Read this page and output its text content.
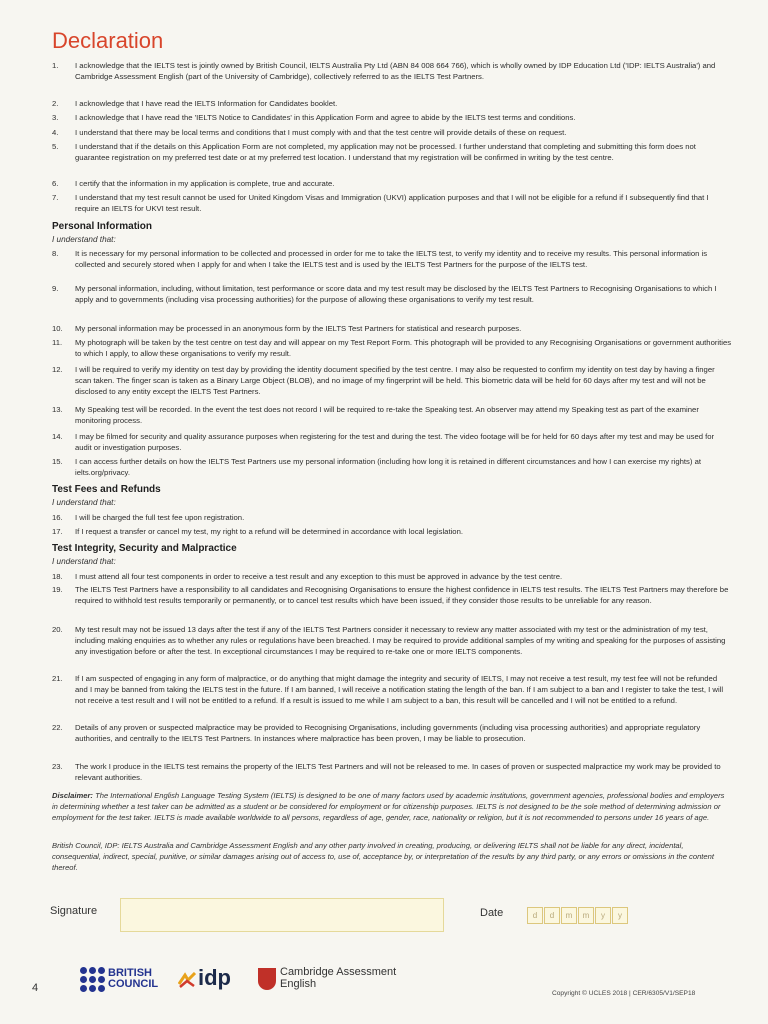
Declaration
1.	I acknowledge that the IELTS test is jointly owned by British Council, IELTS Australia Pty Ltd (ABN 84 008 664 766), which is wholly owned by IDP Education Ltd ('IDP: IELTS Australia') and Cambridge Assessment English (part of the University of Cambridge), collectively referred to as the IELTS Test Partners.
2.	I acknowledge that I have read the IELTS Information for Candidates booklet.
3.	I acknowledge that I have read the 'IELTS Notice to Candidates' in this Application Form and agree to abide by the IELTS test terms and conditions.
4.	I understand that there may be local terms and conditions that I must comply with and that the test centre will provide details of these on request.
5.	I understand that if the details on this Application Form are not completed, my application may not be processed. I further understand that completing and submitting this form does not guarantee registration on my preferred test date or at my preferred test location. I understand that my registration will be confirmed in writing by the test centre.
6.	I certify that the information in my application is complete, true and accurate.
7.	I understand that my test result cannot be used for United Kingdom Visas and Immigration (UKVI) application purposes and that I will not be eligible for a refund if I subsequently find that I require an IELTS for UKVI test result.
Personal Information
I understand that:
8.	It is necessary for my personal information to be collected and processed in order for me to take the IELTS test, to verify my identity and to receive my results. This personal information is collected and securely stored when I apply for and when I take the IELTS test and is used by the IELTS Test Partners for the purpose of the IELTS test.
9.	My personal information, including, without limitation, test performance or score data and my test result may be disclosed by the IELTS Test Partners to Recognising Organisations to which I apply and to governments (including visa processing authorities) for the purpose of allowing these organisations to verify my test result.
10.	My personal information may be processed in an anonymous form by the IELTS Test Partners for statistical and research purposes.
11.	My photograph will be taken by the test centre on test day and will appear on my Test Report Form. This photograph will be provided to any Recognising Organisations or government authorities to which I apply, to allow these organisations to verify my result.
12.	I will be required to verify my identity on test day by providing the identity document specified by the test centre. I may also be requested to confirm my identity on test day by having a finger scan taken. The finger scan is taken as a Binary Large Object (BLOB), and no image of my fingerprint will be held. This biometric data will be held for 60 days after my test and will not be disclosed to any entity except the IELTS Test Partners.
13.	My Speaking test will be recorded. In the event the test does not record I will be required to re-take the Speaking test. An observer may attend my Speaking test as part of the examiner monitoring process.
14.	I may be filmed for security and quality assurance purposes when registering for the test and during the test. The video footage will be for held for 60 days after my test and may be used for audit or investigation purposes.
15.	I can access further details on how the IELTS Test Partners use my personal information (including how long it is retained in different circumstances and how I can exercise my rights) at ielts.org/privacy.
Test Fees and Refunds
I understand that:
16.	I will be charged the full test fee upon registration.
17.	If I request a transfer or cancel my test, my right to a refund will be determined in accordance with local legislation.
Test Integrity, Security and Malpractice
I understand that:
18.	I must attend all four test components in order to receive a test result and any exception to this must be approved in advance by the test centre.
19.	The IELTS Test Partners have a responsibility to all candidates and Recognising Organisations to ensure the highest confidence in IELTS test results. The IELTS Test Partners may therefore be required to withhold test results temporarily or permanently, or to cancel test results which have been issued, if they consider those results to be unreliable for any reason.
20.	My test result may not be issued 13 days after the test if any of the IELTS Test Partners consider it necessary to review any matter associated with my test or the administration of my test, including making enquiries as to whether any rules or regulations have been breached. I may be required to provide additional samples of my writing and speaking for the purposes of assisting any investigation before or after the test. In exceptional circumstances I may be required to re-take one or more IELTS components.
21.	If I am suspected of engaging in any form of malpractice, or do anything that might damage the integrity and security of IELTS, I may not receive a test result, my test fee will not be refunded and I may be banned from taking the IELTS test in the future. If I am banned, I will receive a notification stating the length of the ban. If I am subject to a ban and I register to take the test, I will not receive a test result and I will not be entitled to a refund. If a result is issued to me while I am subject to a ban, this result will be cancelled and I will not be entitled to a refund.
22.	Details of any proven or suspected malpractice may be provided to Recognising Organisations, including governments (including visa processing authorities) and appropriate regulatory authorities, and centrally to the IELTS Test Partners. In instances where malpractice has been proven, I may be liable to prosecution.
23.	The work I produce in the IELTS test remains the property of the IELTS Test Partners and will not be released to me. In cases of proven or suspected malpractice my work may be provided to relevant authorities.
Disclaimer: The International English Language Testing System (IELTS) is designed to be one of many factors used by academic institutions, government agencies, professional bodies and employers in determining whether a test taker can be admitted as a student or be considered for employment or for citizenship purposes. IELTS is not designed to be the sole method of determining admission or employment for the test taker. IELTS is made available worldwide to all persons, regardless of age, gender, race, nationality or religion, but it is not recommended to persons under 16 years of age.
British Council, IDP: IELTS Australia and Cambridge Assessment English and any other party involved in creating, producing, or delivering IELTS shall not be liable for any direct, incidental, consequential, indirect, special, punitive, or similar damages arising out of access to, use of, acceptance by, or interpretation of the results by any third party, or any errors or omissions in the content thereof.
Signature	Date	d	d	m	m	y	y
4
BRITISH
COUNCIL idp	Cambridge Assessment
English
Copyright © UCLES 2018 | CER/6305/V1/SEP18
